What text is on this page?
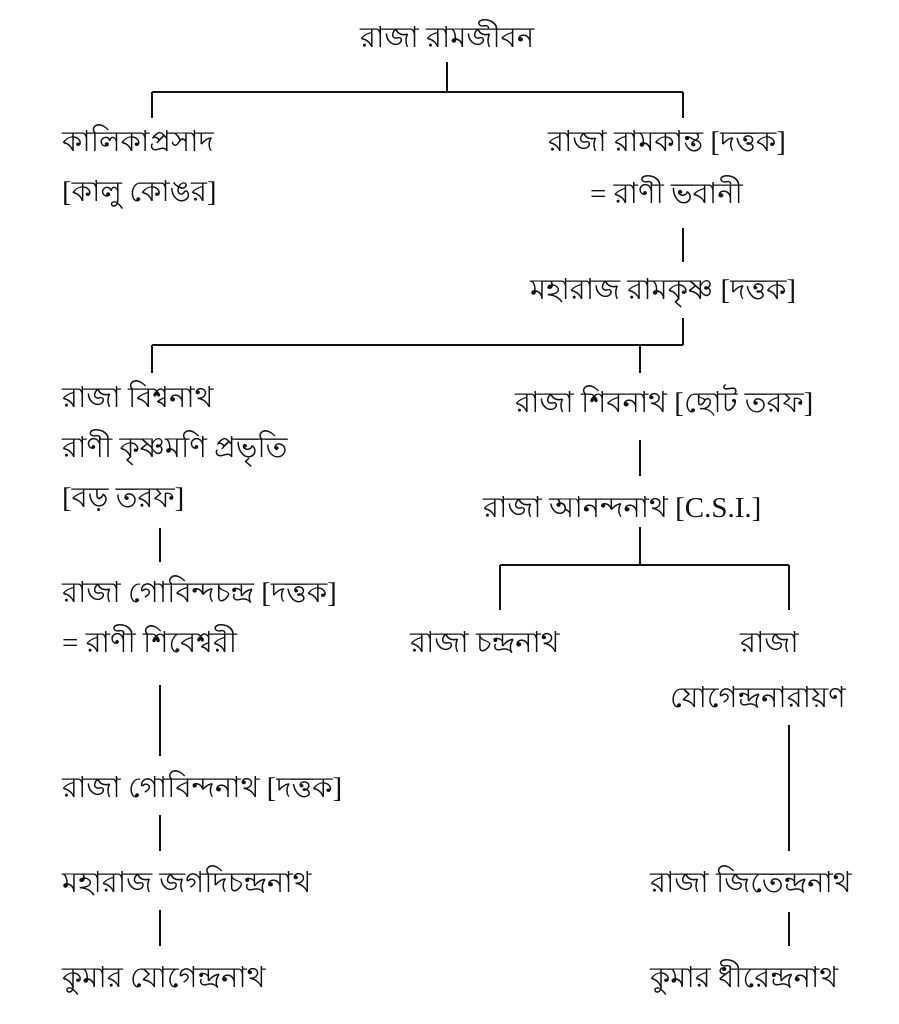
রাজা রামজীবন
কালিকাপ্রসাদ
[কালু কোঙর]
রাজা রামকান্ত [দত্তক]
= রাণী ভবানী
মহারাজ রামকৃষ্ণ [দত্তক]
রাজা বিশ্বনাথ
রাণী কৃষ্ণমণি প্রভৃতি
[বড় তরফ]
রাজা গোবিন্দচন্দ্র [দত্তক]
= রাণী শিবেশ্বরী
রাজা গোবিন্দনাথ [দত্তক]
মহারাজ জগদিচন্দ্রনাথ
কুমার যোগেন্দ্রনাথ
রাজা শিবনাথ [ছোট তরফ]
রাজা আনন্দনাথ [C.S.I.]
রাজা চন্দ্রনাথ	রাজা
যোগেন্দ্রনারায়ণ
রাজা জিতেন্দ্রনাথ
কুমার ধীরেন্দ্রনাথ
